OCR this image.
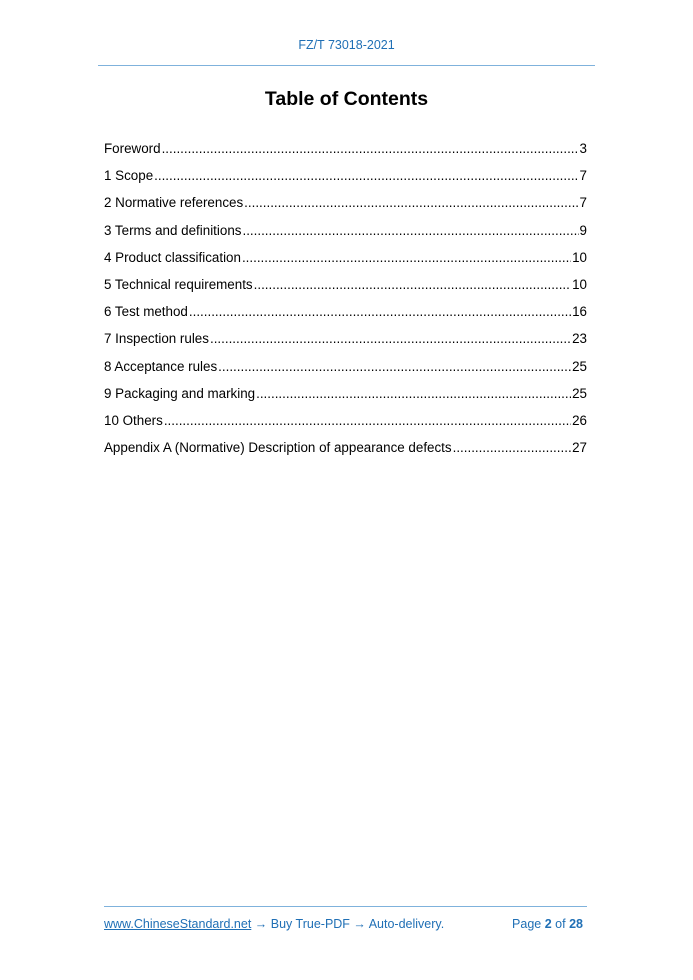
FZ/T 73018-2021
Table of Contents
Foreword .....	3
1 Scope .....	7
2 Normative references .....	7
3 Terms and definitions .....	9
4 Product classification .....	10
5 Technical requirements .....	10
6 Test method .....	16
7 Inspection rules .....	23
8 Acceptance rules .....	25
9 Packaging and marking .....	25
10 Others .....	26
Appendix A (Normative) Description of appearance defects .....	27
www.ChineseStandard.net → Buy True-PDF → Auto-delivery.	Page 2 of 28
